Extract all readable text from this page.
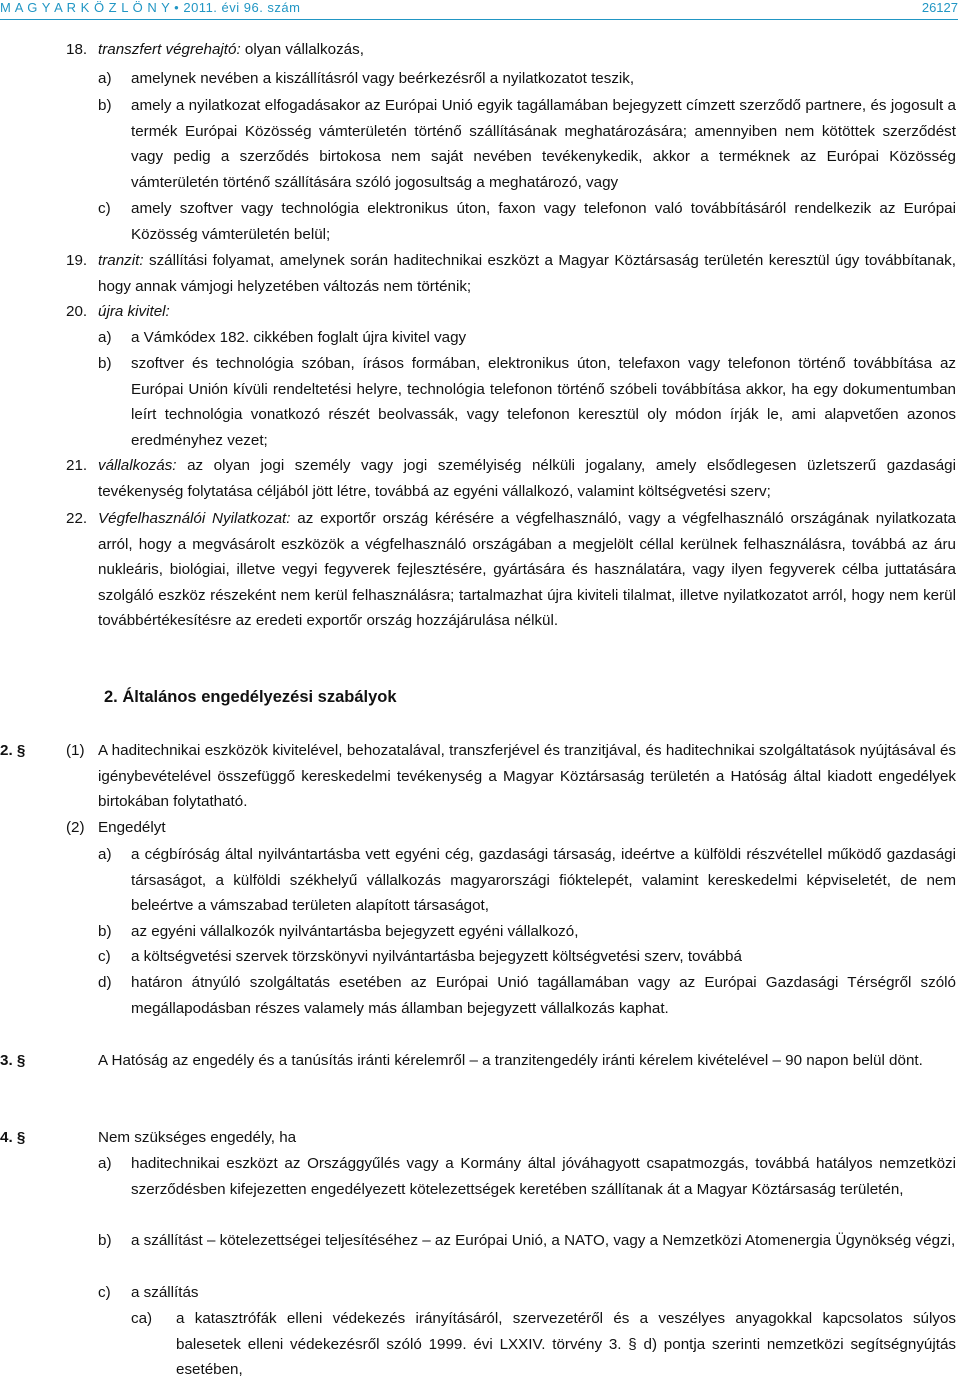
M A G Y A R K Ö Z L Ö N Y • 2011. évi 96. szám	26127
18. transzfert végrehajtó: olyan vállalkozás,
a) amelynek nevében a kiszállításról vagy beérkezésről a nyilatkozatot teszik,
b) amely a nyilatkozat elfogadásakor az Európai Unió egyik tagállamában bejegyzett címzett szerződő partnere, és jogosult a termék Európai Közösség vámterületén történő szállításának meghatározására; amennyiben nem kötöttek szerződést vagy pedig a szerződés birtokosa nem saját nevében tevékenykedik, akkor a terméknek az Európai Közösség vámterületén történő szállítására szóló jogosultság a meghatározó, vagy
c) amely szoftver vagy technológia elektronikus úton, faxon vagy telefonon való továbbításáról rendelkezik az Európai Közösség vámterületén belül;
19. tranzit: szállítási folyamat, amelynek során haditechnikai eszközt a Magyar Köztársaság területén keresztül úgy továbbítanak, hogy annak vámjogi helyzetében változás nem történik;
20. újra kivitel:
a) a Vámkódex 182. cikkében foglalt újra kivitel vagy
b) szoftver és technológia szóban, írásos formában, elektronikus úton, telefaxon vagy telefonon történő továbbítása az Európai Unión kívüli rendeltetési helyre, technológia telefonon történő szóbeli továbbítása akkor, ha egy dokumentumban leírt technológia vonatkozó részét beolvassák, vagy telefonon keresztül oly módon írják le, ami alapvetően azonos eredményhez vezet;
21. vállalkozás: az olyan jogi személy vagy jogi személyiség nélküli jogalany, amely elsődlegesen üzletszerű gazdasági tevékenység folytatása céljából jött létre, továbbá az egyéni vállalkozó, valamint költségvetési szerv;
22. Végfelhasználói Nyilatkozat: az exportőr ország kérésére a végfelhasználó, vagy a végfelhasználó országának nyilatkozata arról, hogy a megvásárolt eszközök a végfelhasználó országában a megjelölt céllal kerülnek felhasználásra, továbbá az áru nukleáris, biológiai, illetve vegyi fegyverek fejlesztésére, gyártására és használatára, vagy ilyen fegyverek célba juttatására szolgáló eszköz részeként nem kerül felhasználásra; tartalmazhat újra kiviteli tilalmat, illetve nyilatkozatot arról, hogy nem kerül továbbértékesítésre az eredeti exportőr ország hozzájárulása nélkül.
2. Általános engedélyezési szabályok
2. §	(1) A haditechnikai eszközök kivitelével, behozatalával, transzferjével és tranzitjával, és haditechnikai szolgáltatások nyújtásával és igénybevételével összefüggő kereskedelmi tevékenység a Magyar Köztársaság területén a Hatóság által kiadott engedélyek birtokában folytatható.
(2) Engedélyt
a) a cégbíróság által nyilvántartásba vett egyéni cég, gazdasági társaság, ideértve a külföldi részvétellel működő gazdasági társaságot, a külföldi székhelyű vállalkozás magyarországi fióktelepét, valamint kereskedelmi képviseletét, de nem beleértve a vámszabad területen alapított társaságot,
b) az egyéni vállalkozók nyilvántartásba bejegyzett egyéni vállalkozó,
c) a költségvetési szervek törzskönyvi nyilvántartásba bejegyzett költségvetési szerv, továbbá
d) határon átnyúló szolgáltatás esetében az Európai Unió tagállamában vagy az Európai Gazdasági Térségről szóló megállapodásban részes valamely más államban bejegyzett vállalkozás kaphat.
3. §	A Hatóság az engedély és a tanúsítás iránti kérelemről – a tranzitengedély iránti kérelem kivételével – 90 napon belül dönt.
4. §	Nem szükséges engedély, ha
a) haditechnikai eszközt az Országgyűlés vagy a Kormány által jóváhagyott csapatmozgás, továbbá hatályos nemzetközi szerződésben kifejezetten engedélyezett kötelezettségek keretében szállítanak át a Magyar Köztársaság területén,
b) a szállítást – kötelezettségei teljesítéséhez – az Európai Unió, a NATO, vagy a Nemzetközi Atomenergia Ügynökség végzi,
c) a szállítás
ca) a katasztrófák elleni védekezés irányításáról, szervezetéről és a veszélyes anyagokkal kapcsolatos súlyos balesetek elleni védekezésről szóló 1999. évi LXXIV. törvény 3. § d) pontja szerinti nemzetközi segítségnyújtás esetében,
